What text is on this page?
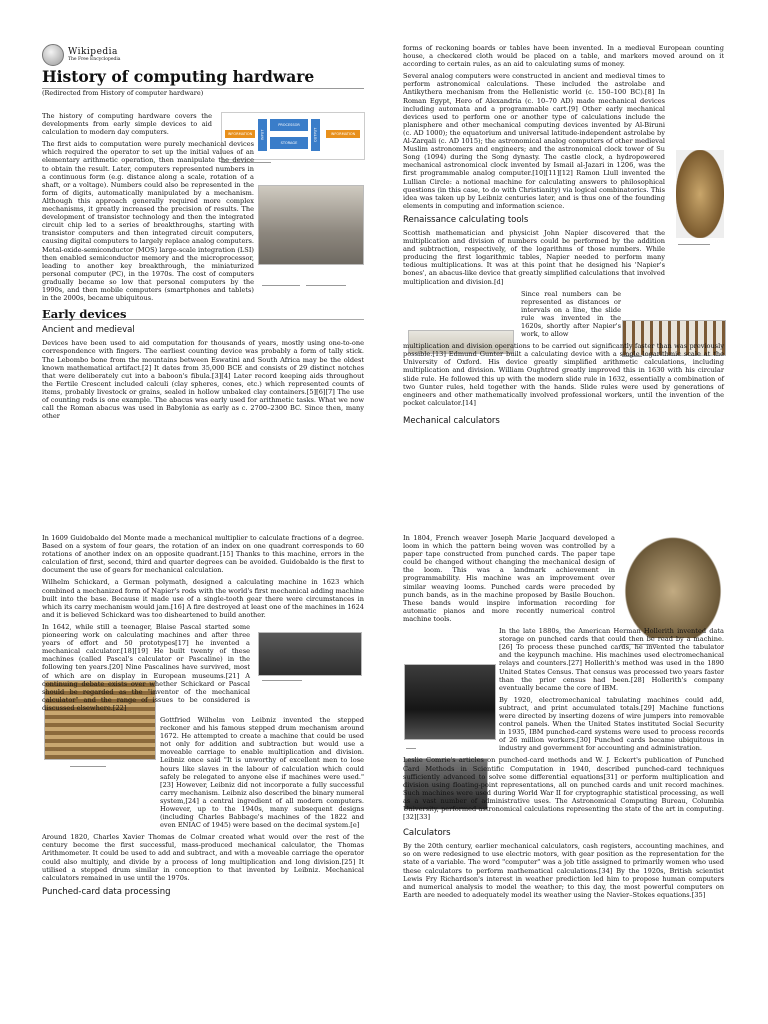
Wikipedia
The Free Encyclopedia
History of computing hardware
(Redirected from History of computer hardware)
INFORMATION	INPUT
PROCESSOR
STORAGE
OUTPUT	INFORMATION

The history of computing hardware covers the developments from early simple devices to aid calculation to modern day computers.

The first aids to computation were purely mechanical devices which required the operator to set up the initial values of an elementary arithmetic operation, then manipulate the device to obtain the result. Later, computers represented numbers in a continuous form (e.g. distance along a scale, rotation of a shaft, or a voltage). Numbers could also be represented in the form of digits, automatically manipulated by a mechanism. Although this approach generally required more complex mechanisms, it greatly increased the precision of results. The development of transistor technology and then the integrated circuit chip led to a series of breakthroughs, starting with transistor computers and then integrated circuit computers, causing digital computers to largely replace analog computers. Metal-oxide-semiconductor (MOS) large-scale integration (LSI) then enabled semiconductor memory and the microprocessor, leading to another key breakthrough, the miniaturized personal computer (PC), in the 1970s. The cost of computers gradually became so low that personal computers by the 1990s, and then mobile computers (smartphones and tablets) in the 2000s, became ubiquitous.

Early devices
Ancient and medieval

Devices have been used to aid computation for thousands of years, mostly using one-to-one correspondence with fingers. The earliest counting device was probably a form of tally stick. The Lebombo bone from the mountains between Eswatini and South Africa may be the oldest known mathematical artifact.[2] It dates from 35,000 BCE and consists of 29 distinct notches that were deliberately cut into a baboon's fibula.[3][4] Later record keeping aids throughout the Fertile Crescent included calculi (clay spheres, cones, etc.) which represented counts of items, probably livestock or grains, sealed in hollow unbaked clay containers.[5][6][7] The use of counting rods is one example. The abacus was early used for arithmetic tasks. What we now call the Roman abacus was used in Babylonia as early as c. 2700–2300 BC. Since then, many other

forms of reckoning boards or tables have been invented. In a medieval European counting house, a checkered cloth would be placed on a table, and markers moved around on it according to certain rules, as an aid to calculating sums of money.

Several analog computers were constructed in ancient and medieval times to perform astronomical calculations. These included the astrolabe and Antikythera mechanism from the Hellenistic world (c. 150–100 BC).[8] In Roman Egypt, Hero of Alexandria (c. 10–70 AD) made mechanical devices including automata and a programmable cart.[9] Other early mechanical devices used to perform one or another type of calculations include the planisphere and other mechanical computing devices invented by Al-Biruni (c. AD 1000); the equatorium and universal latitude-independent astrolabe by Al-Zarqali (c. AD 1015); the astronomical analog computers of other medieval Muslim astronomers and engineers; and the astronomical clock tower of Su Song (1094) during the Song dynasty. The castle clock, a hydropowered mechanical astronomical clock invented by Ismail al-Jazari in 1206, was the first programmable analog computer.[10][11][12] Ramon Llull invented the Lullian Circle: a notional machine for calculating answers to philosophical questions (in this case, to do with Christianity) via logical combinatorics. This idea was taken up by Leibniz centuries later, and is thus one of the founding elements in computing and information science.

Renaissance calculating tools

Scottish mathematician and physicist John Napier discovered that the multiplication and division of numbers could be performed by the addition and subtraction, respectively, of the logarithms of those numbers. While producing the first logarithmic tables, Napier needed to perform many tedious multiplications. It was at this point that he designed his 'Napier's bones', an abacus-like device that greatly simplified calculations that involved multiplication and division.[d]

Since real numbers can be represented as distances or intervals on a line, the slide rule was invented in the 1620s, shortly after Napier's work, to allow

multiplication and division operations to be carried out significantly faster than was previously possible.[13] Edmund Gunter built a calculating device with a single logarithmic scale at the University of Oxford. His device greatly simplified arithmetic calculations, including multiplication and division. William Oughtred greatly improved this in 1630 with his circular slide rule. He followed this up with the modern slide rule in 1632, essentially a combination of two Gunter rules, held together with the hands. Slide rules were used by generations of engineers and other mathematically involved professional workers, until the invention of the pocket calculator.[14]

Mechanical calculators

In 1609 Guidobaldo del Monte made a mechanical multiplier to calculate fractions of a degree. Based on a system of four gears, the rotation of an index on one quadrant corresponds to 60 rotations of another index on an opposite quadrant.[15] Thanks to this machine, errors in the calculation of first, second, third and quarter degrees can be avoided. Guidobaldo is the first to document the use of gears for mechanical calculation.

Wilhelm Schickard, a German polymath, designed a calculating machine in 1623 which combined a mechanized form of Napier's rods with the world's first mechanical adding machine built into the base. Because it made use of a single-tooth gear there were circumstances in which its carry mechanism would jam.[16] A fire destroyed at least one of the machines in 1624 and it is believed Schickard was too disheartened to build another.

In 1642, while still a teenager, Blaise Pascal started some pioneering work on calculating machines and after three years of effort and 50 prototypes[17] he invented a mechanical calculator.[18][19] He built twenty of these machines (called Pascal's calculator or Pascaline) in the following ten years.[20] Nine Pascalines have survived, most of which are on display in European museums.[21] A continuing debate exists over whether Schickard or Pascal should be regarded as the "inventor of the mechanical calculator" and the range of issues to be considered is discussed elsewhere.[22]

Gottfried Wilhelm von Leibniz invented the stepped reckoner and his famous stepped drum mechanism around 1672. He attempted to create a machine that could be used not only for addition and subtraction but would use a moveable carriage to enable multiplication and division. Leibniz once said "It is unworthy of excellent men to lose hours like slaves in the labour of calculation which could safely be relegated to anyone else if machines were used."[23] However, Leibniz did not incorporate a fully successful carry mechanism. Leibniz also described the binary numeral system,[24] a central ingredient of all modern computers. However, up to the 1940s, many subsequent designs (including Charles Babbage's machines of the 1822 and even ENIAC of 1945) were based on the decimal system.[e]

Around 1820, Charles Xavier Thomas de Colmar created what would over the rest of the century become the first successful, mass-produced mechanical calculator, the Thomas Arithmometer. It could be used to add and subtract, and with a moveable carriage the operator could also multiply, and divide by a process of long multiplication and long division.[25] It utilised a stepped drum similar in conception to that invented by Leibniz. Mechanical calculators remained in use until the 1970s.

Punched-card data processing

In 1804, French weaver Joseph Marie Jacquard developed a loom in which the pattern being woven was controlled by a paper tape constructed from punched cards. The paper tape could be changed without changing the mechanical design of the loom. This was a landmark achievement in programmability. His machine was an improvement over similar weaving looms. Punched cards were preceded by punch bands, as in the machine proposed by Basile Bouchon. These bands would inspire information recording for automatic pianos and more recently numerical control machine tools.

In the late 1880s, the American Herman Hollerith invented data storage on punched cards that could then be read by a machine.[26] To process these punched cards, he invented the tabulator and the keypunch machine. His machines used electromechanical relays and counters.[27] Hollerith's method was used in the 1890 United States Census. That census was processed two years faster than the prior census had been.[28] Hollerith's company eventually became the core of IBM.

By 1920, electromechanical tabulating machines could add, subtract, and print accumulated totals.[29] Machine functions were directed by inserting dozens of wire jumpers into removable control panels. When the United States instituted Social Security in 1935, IBM punched-card systems were used to process records of 26 million workers.[30] Punched cards became ubiquitous in industry and government for accounting and administration.

Leslie Comrie's articles on punched-card methods and W. J. Eckert's publication of Punched Card Methods in Scientific Computation in 1940, described punched-card techniques sufficiently advanced to solve some differential equations[31] or perform multiplication and division using floating-point representations, all on punched cards and unit record machines. Such machines were used during World War II for cryptographic statistical processing, as well as a vast number of administrative uses. The Astronomical Computing Bureau, Columbia University, performed astronomical calculations representing the state of the art in computing.[32][33]

Calculators

By the 20th century, earlier mechanical calculators, cash registers, accounting machines, and so on were redesigned to use electric motors, with gear position as the representation for the state of a variable. The word "computer" was a job title assigned to primarily women who used these calculators to perform mathematical calculations.[34] By the 1920s, British scientist Lewis Fry Richardson's interest in weather prediction led him to propose human computers and numerical analysis to model the weather; to this day, the most powerful computers on Earth are needed to adequately model its weather using the Navier–Stokes equations.[35]
